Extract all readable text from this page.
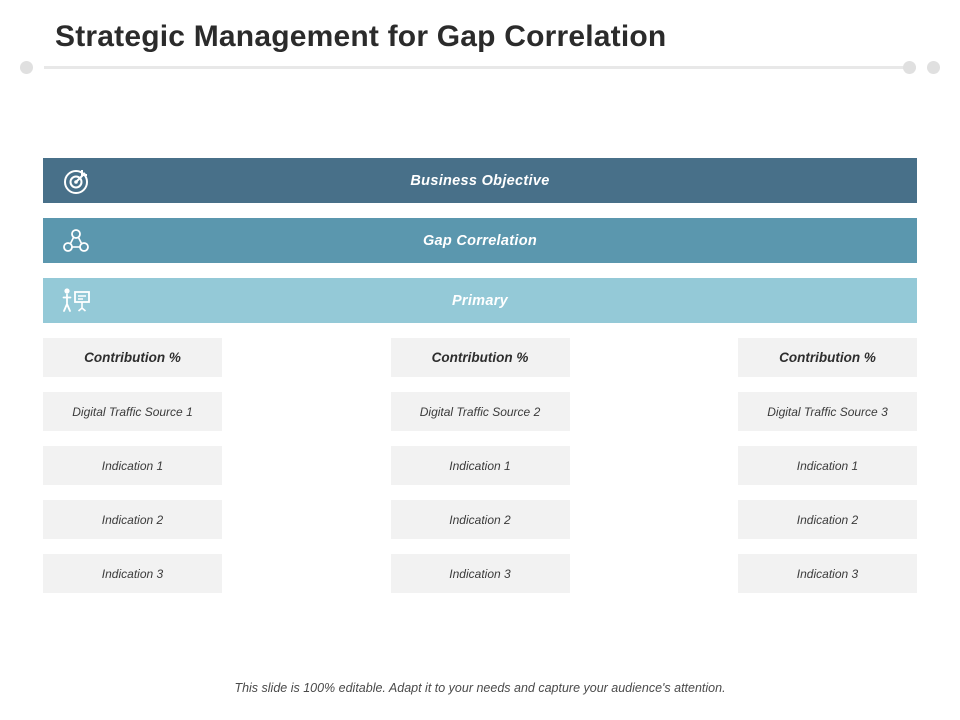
Strategic Management for Gap Correlation
Business Objective
Gap Correlation
Primary
Contribution %
Digital Traffic Source 1
Indication 1
Indication 2
Indication 3
Contribution %
Digital Traffic Source 2
Indication 1
Indication 2
Indication 3
Contribution %
Digital Traffic Source 3
Indication 1
Indication 2
Indication 3
This slide is 100% editable. Adapt it to your needs and capture your audience's attention.
